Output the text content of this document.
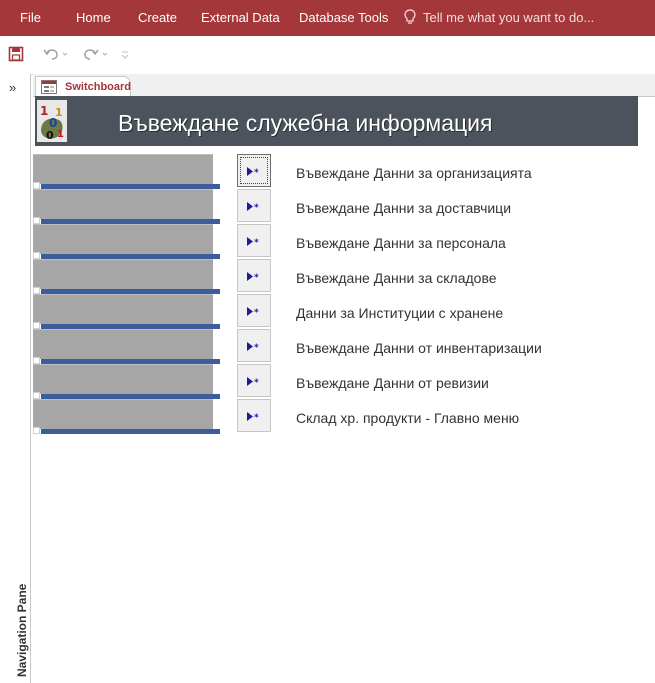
File	Home Create External Data Database Tools	Tell me what you want to do...
»
Navigation Pane
Switchboard
1
0
1
0 1 Въвеждане служебна информация
*	Въвеждане Данни за организацията
*	Въвеждане Данни за доставчици
*	Въвеждане Данни за персонала
*	Въвеждане Данни за складове
*	Данни за Институции с хранене
*	Въвеждане Данни от инвентаризации
*	Въвеждане Данни от ревизии
*	Склад хр. продукти - Главно меню
